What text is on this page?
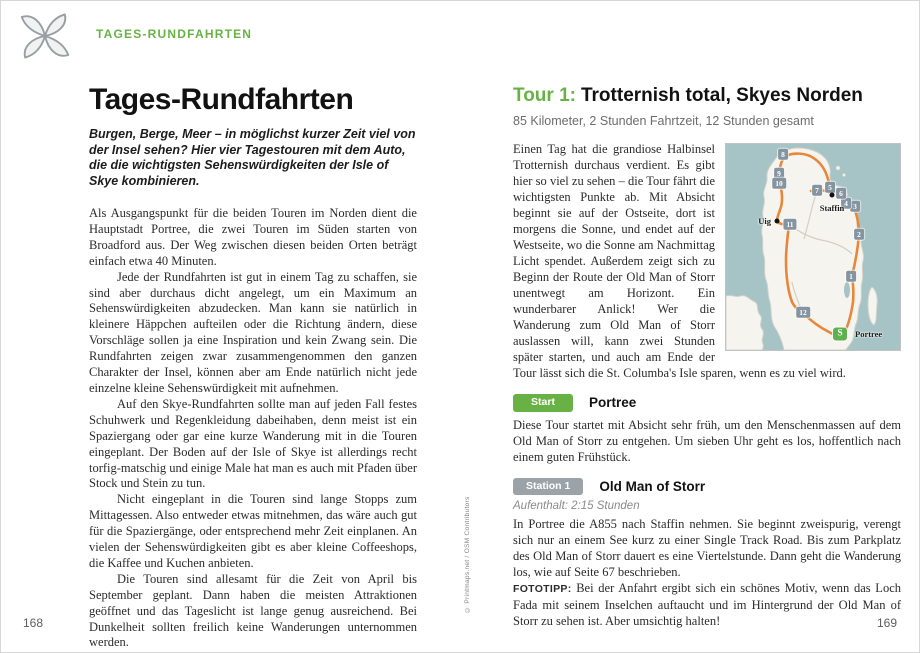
TAGES-RUNDFAHRTEN
Tages-Rundfahrten

Burgen, Berge, Meer – in möglichst kurzer Zeit viel von der Insel sehen? Hier vier Tagestouren mit dem Auto, die die wichtigsten Sehenswürdigkeiten der Isle of Skye kombinieren.

Als Ausgangspunkt für die beiden Touren im Norden dient die Hauptstadt Portree, die zwei Touren im Süden starten von Broadford aus. Der Weg zwischen diesen beiden Orten beträgt einfach etwa 40 Minuten.

Jede der Rundfahrten ist gut in einem Tag zu schaffen, sie sind aber durchaus dicht angelegt, um ein Maximum an Sehenswürdigkeiten abzudecken. Man kann sie natürlich in kleinere Häppchen aufteilen oder die Richtung ändern, diese Vorschläge sollen ja eine Inspiration und kein Zwang sein. Die Rundfahrten zeigen zwar zusammengenommen den ganzen Charakter der Insel, können aber am Ende natürlich nicht jede einzelne kleine Sehenswürdigkeit mit aufnehmen.

Auf den Skye-Rundfahrten sollte man auf jeden Fall festes Schuhwerk und Regenkleidung dabeihaben, denn meist ist ein Spaziergang oder gar eine kurze Wanderung mit in die Touren eingeplant. Der Boden auf der Isle of Skye ist allerdings recht torfig-matschig und einige Male hat man es auch mit Pfaden über Stock und Stein zu tun.

Nicht eingeplant in die Touren sind lange Stopps zum Mittagessen. Also entweder etwas mitnehmen, das wäre auch gut für die Spaziergänge, oder entsprechend mehr Zeit einplanen. An vielen der Sehenswürdigkeiten gibt es aber kleine Coffeeshops, die Kaffee und Kuchen anbieten.

Die Touren sind allesamt für die Zeit von April bis September geplant. Dann haben die meisten Attraktionen geöffnet und das Tageslicht ist lange genug ausreichend. Bei Dunkelheit sollten freilich keine Wanderungen unternommen werden.

Tour 1: Trotternish total, Skyes Norden

85 Kilometer, 2 Stunden Fahrtzeit, 12 Stunden gesamt

1
2
3
4
5
6
7
8
9
10
11
12
Uig
Staffin
S	Portree

Einen Tag hat die grandiose Halbinsel Trotternish durchaus verdient. Es gibt hier so viel zu sehen – die Tour fährt die wichtigsten Punkte ab. Mit Absicht beginnt sie auf der Ostseite, dort ist morgens die Sonne, und endet auf der Westseite, wo die Sonne am Nachmittag Licht spendet. Außerdem zeigt sich zu Beginn der Route der Old Man of Storr unentwegt am Horizont. Ein wunderbarer Anlick! Wer die Wanderung zum Old Man of Storr auslassen will, kann zwei Stunden später starten, und auch am Ende der Tour lässt sich die St. Columba's Isle sparen, wenn es zu viel wird.

Start	Portree

Diese Tour startet mit Absicht sehr früh, um den Menschenmassen auf dem Old Man of Storr zu entgehen. Um sieben Uhr geht es los, hoffentlich nach einem guten Frühstück.

Station 1	Old Man of Storr

Aufenthalt: 2:15 Stunden

In Portree die A855 nach Staffin nehmen. Sie beginnt zweispurig, verengt sich nur an einem See kurz zu einer Single Track Road. Bis zum Parkplatz des Old Man of Storr dauert es eine Viertelstunde. Dann geht die Wanderung los, wie auf Seite 67 beschrieben.

FOTOTIPP: Bei der Anfahrt ergibt sich ein schönes Motiv, wenn das Loch Fada mit seinem Inselchen auftaucht und im Hintergrund der Old Man of Storr zu sehen ist. Aber umsichtig halten!

168	169
© Printmaps.net / OSM Contributors
